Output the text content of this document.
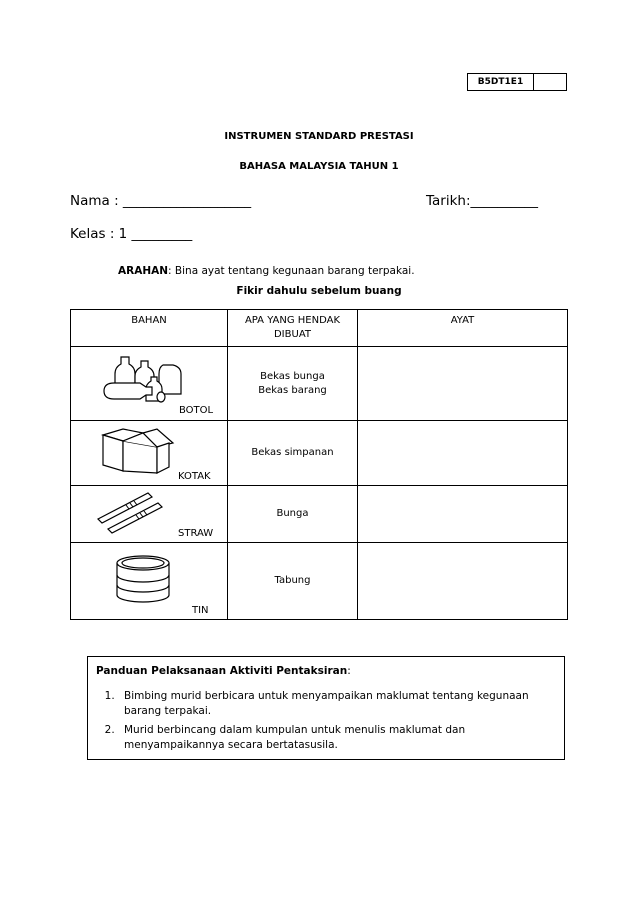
B5DT1E1
INSTRUMEN STANDARD PRESTASI
BAHASA MALAYSIA TAHUN 1
Nama : ___________________	Tarikh:__________
Kelas : 1 _________
ARAHAN: Bina ayat tentang kegunaan barang terpakai.
Fikir dahulu sebelum buang
BAHAN	APA YANG HENDAK DIBUAT	AYAT

BOTOL	Bekas bunga
Bekas barang	

KOTAK	Bekas simpanan	

STRAW	Bunga	

TIN	Tabung	

Panduan Pelaksanaan Aktiviti Pentaksiran:
1. Bimbing murid berbicara untuk menyampaikan maklumat tentang kegunaan barang terpakai.
2. Murid berbincang dalam kumpulan untuk menulis maklumat dan menyampaikannya secara bertatasusila.
